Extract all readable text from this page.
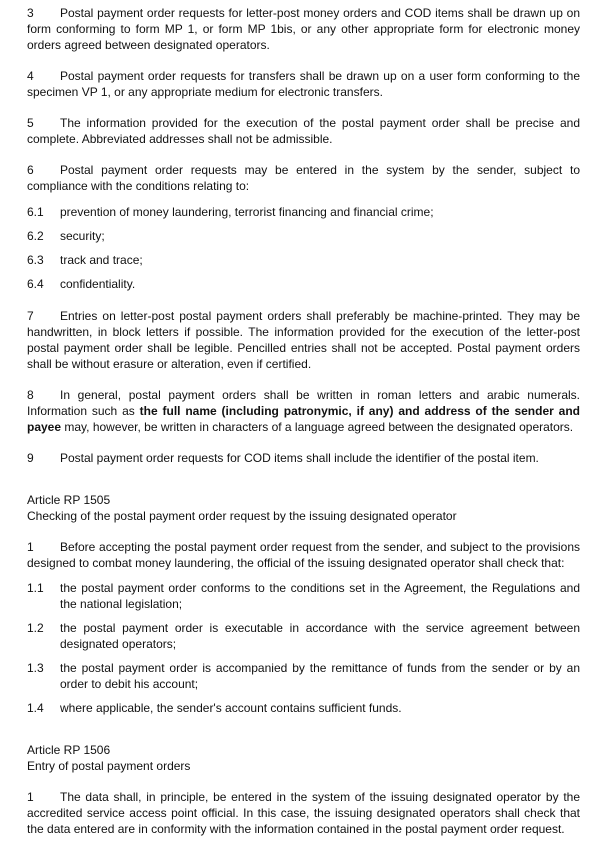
3 Postal payment order requests for letter-post money orders and COD items shall be drawn up on form conforming to form MP 1, or form MP 1bis, or any other appropriate form for electronic money orders agreed between designated operators.

4 Postal payment order requests for transfers shall be drawn up on a user form conforming to the specimen VP 1, or any appropriate medium for electronic transfers.

5 The information provided for the execution of the postal payment order shall be precise and complete. Abbreviated addresses shall not be admissible.

6 Postal payment order requests may be entered in the system by the sender, subject to compliance with the conditions relating to:

6.1	prevention of money laundering, terrorist financing and financial crime;
6.2	security;
6.3	track and trace;
6.4	confidentiality.

7 Entries on letter-post postal payment orders shall preferably be machine-printed. They may be handwritten, in block letters if possible. The information provided for the execution of the letter-post postal payment order shall be legible. Pencilled entries shall not be accepted. Postal payment orders shall be without erasure or alteration, even if certified.

8 In general, postal payment orders shall be written in roman letters and arabic numerals. Information such as the full name (including patronymic, if any) and address of the sender and payee may, however, be written in characters of a language agreed between the designated operators.

9 Postal payment order requests for COD items shall include the identifier of the postal item.

Article RP 1505
Checking of the postal payment order request by the issuing designated operator

1 Before accepting the postal payment order request from the sender, and subject to the provisions designed to combat money laundering, the official of the issuing designated operator shall check that:

1.1	the postal payment order conforms to the conditions set in the Agreement, the Regulations and the national legislation;
1.2	the postal payment order is executable in accordance with the service agreement between designated operators;
1.3	the postal payment order is accompanied by the remittance of funds from the sender or by an order to debit his account;
1.4	where applicable, the sender's account contains sufficient funds.
Article RP 1506
Entry of postal payment orders

1 The data shall, in principle, be entered in the system of the issuing designated operator by the accredited service access point official. In this case, the issuing designated operators shall check that the data entered are in conformity with the information contained in the postal payment order request.
